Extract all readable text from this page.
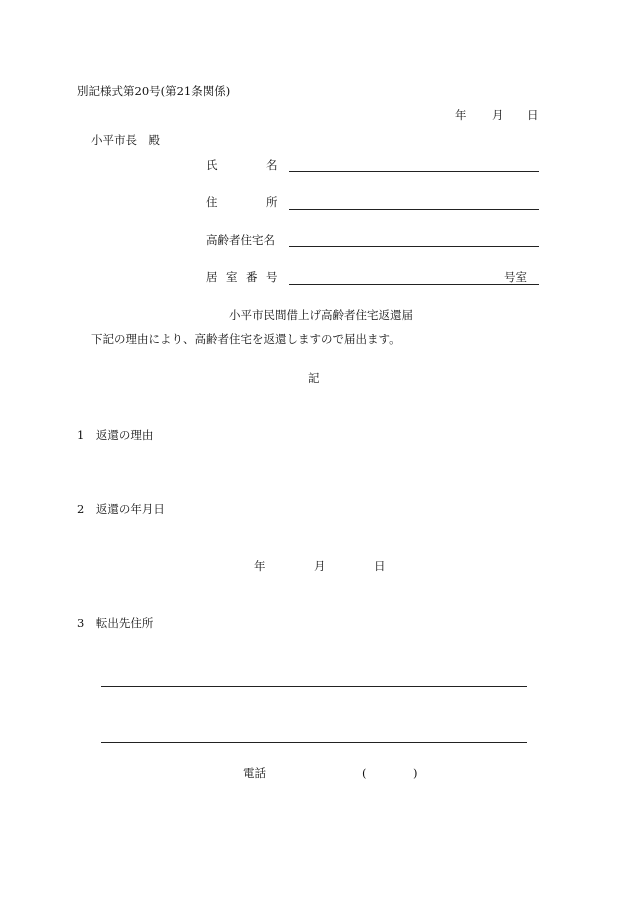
別記様式第20号(第21条関係)
年 月 日
小平市長　殿
氏	名
住	所
高齢者住宅名
居 室 番 号	号室
小平市民間借上げ高齢者住宅返還届
下記の理由により、高齢者住宅を返還しますので届出ます。
記
1　返還の理由
2　返還の年月日
年	月	日
3　転出先住所
電話	(	)
